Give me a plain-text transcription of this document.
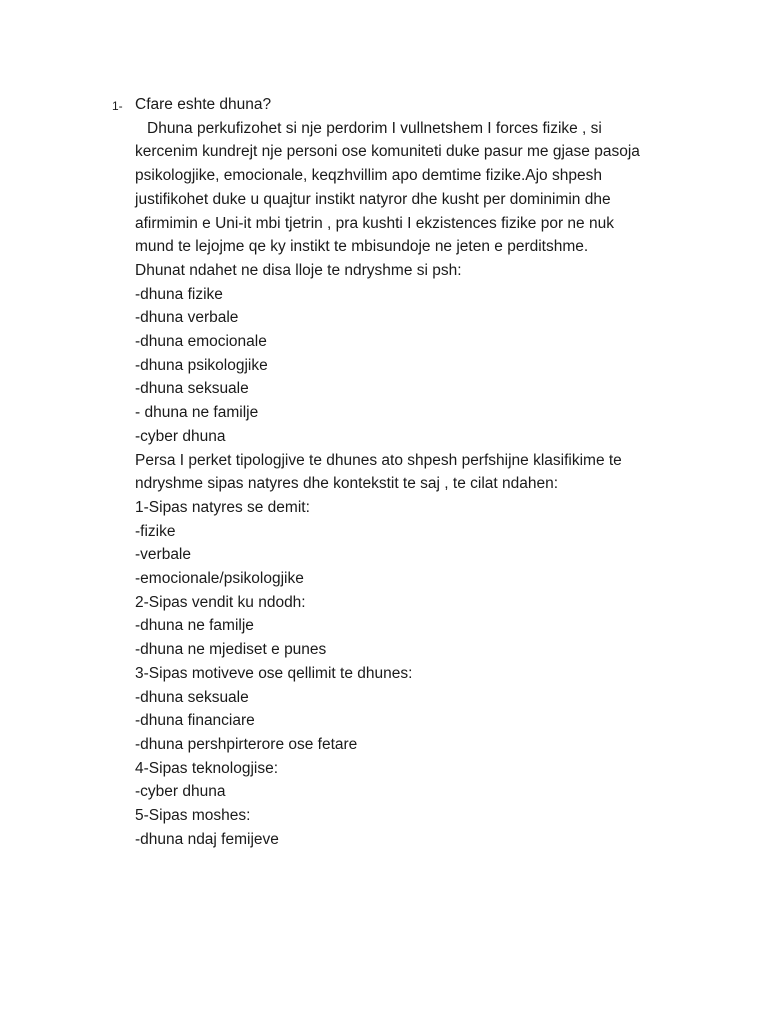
1- Cfare eshte dhuna?
Dhuna perkufizohet si nje perdorim I vullnetshem I forces fizike , si
kercenim kundrejt nje personi ose komuniteti duke pasur me gjase pasoja
psikologjike, emocionale, keqzhvillim apo demtime fizike.Ajo shpesh
justifikohet duke u quajtur instikt natyror dhe kusht per dominimin dhe
afirmimin e Uni-it mbi tjetrin , pra kushti I ekzistences fizike por ne nuk
mund te lejojme qe ky instikt te mbisundoje ne jeten e perditshme.
Dhunat ndahet ne disa lloje te ndryshme si psh:
-dhuna fizike
-dhuna verbale
-dhuna emocionale
-dhuna psikologjike
-dhuna seksuale
- dhuna ne familje
-cyber dhuna
Persa I perket tipologjive te dhunes ato shpesh perfshijne klasifikime te
ndryshme sipas natyres dhe kontekstit te saj , te cilat ndahen:
1-Sipas natyres se demit:
-fizike
-verbale
-emocionale/psikologjike
2-Sipas vendit ku ndodh:
-dhuna ne familje
-dhuna ne mjediset e punes
3-Sipas motiveve ose qellimit te dhunes:
-dhuna seksuale
-dhuna financiare
-dhuna pershpirterore ose fetare
4-Sipas teknologjise:
-cyber dhuna
5-Sipas moshes:
-dhuna ndaj femijeve
